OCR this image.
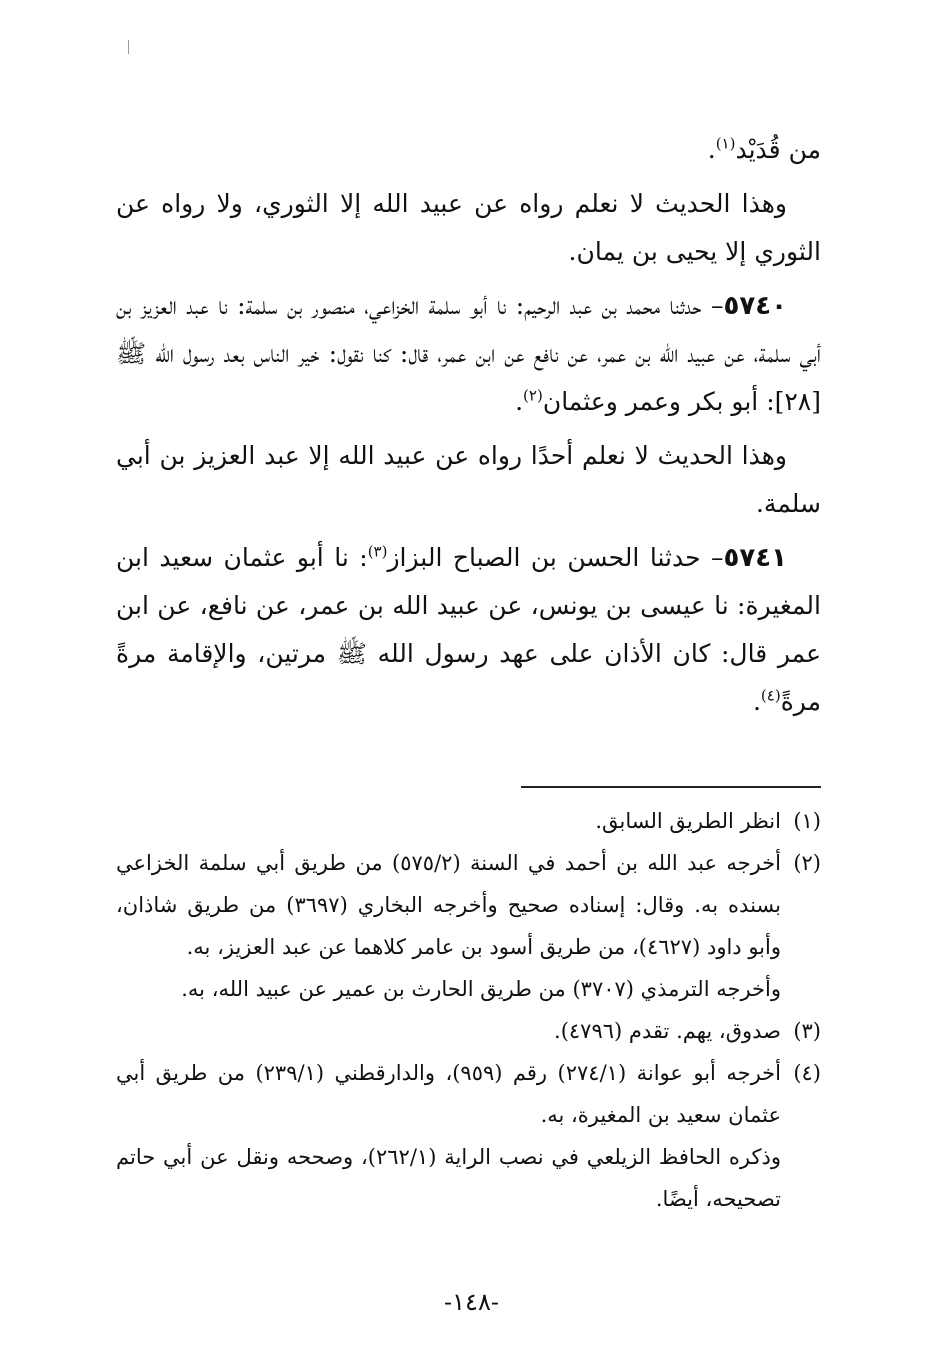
من قُدَيْد$^{(١)}$.

وهذا الحديث لا نعلم رواه عن عبيد الله إلا الثوري، ولا رواه عن الثوري إلا يحيى بن يمان.

٥٧٤٠– حدثنا محمد بن عبد الرحيم: نا أبو سلمة الخزاعي، منصور بن سلمة: نا عبد العزيز بن أبي سلمة، عن عبيد الله بن عمر، عن نافع عن ابن عمر، قال: كنا نقول: خير الناس بعد رسول الله ﷺ [٢٨]: أبو بكر وعمر وعثمان$^{(٢)}$.

وهذا الحديث لا نعلم أحدًا رواه عن عبيد الله إلا عبد العزيز بن أبي سلمة.

٥٧٤١– حدثنا الحسن بن الصباح البزاز$^{(٣)}$: نا أبو عثمان سعيد ابن المغيرة: نا عيسى بن يونس، عن عبيد الله بن عمر، عن نافع، عن ابن عمر قال: كان الأذان على عهد رسول الله ﷺ مرتين، والإقامة مرةً مرةً$^{(٤)}$.

(١)
انظر الطريق السابق.
(٢)
أخرجه عبد الله بن أحمد في السنة (٥٧٥/٢) من طريق أبي سلمة الخزاعي بسنده به. وقال: إسناده صحيح وأخرجه البخاري (٣٦٩٧) من طريق شاذان، وأبو داود (٤٦٢٧)، من طريق أسود بن عامر كلاهما عن عبد العزيز، به.
وأخرجه الترمذي (٣٧٠٧) من طريق الحارث بن عمير عن عبيد الله، به.
(٣)
صدوق، يهم. تقدم (٤٧٩٦).
(٤)
أخرجه أبو عوانة (٢٧٤/١) رقم (٩٥٩)، والدارقطني (٢٣٩/١) من طريق أبي عثمان سعيد بن المغيرة، به.
وذكره الحافظ الزيلعي في نصب الراية (٢٦٢/١)، وصححه ونقل عن أبي حاتم تصحيحه، أيضًا.
-١٤٨-
